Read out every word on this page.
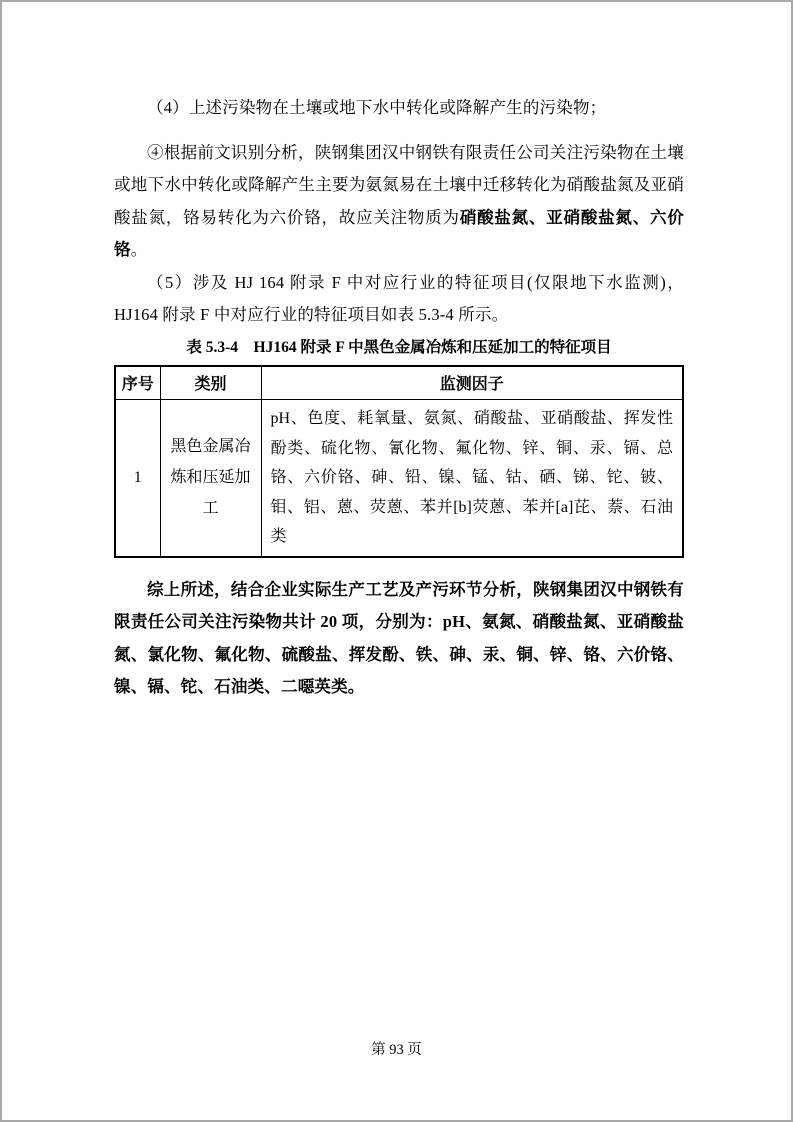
（4）上述污染物在土壤或地下水中转化或降解产生的污染物；

④根据前文识别分析，陕钢集团汉中钢铁有限责任公司关注污染物在土壤或地下水中转化或降解产生主要为氨氮易在土壤中迁移转化为硝酸盐氮及亚硝酸盐氮，铬易转化为六价铬，故应关注物质为硝酸盐氮、亚硝酸盐氮、六价铬。

（5）涉及 HJ 164 附录 F 中对应行业的特征项目(仅限地下水监测)，HJ164 附录 F 中对应行业的特征项目如表 5.3-4 所示。

表 5.3-4　HJ164 附录 F 中黑色金属冶炼和压延加工的特征项目
序号	类别	监测因子
1	黑色金属冶炼和压延加工	pH、色度、耗氧量、氨氮、硝酸盐、亚硝酸盐、挥发性酚类、硫化物、氰化物、氟化物、锌、铜、汞、镉、总铬、六价铬、砷、铅、镍、锰、钴、硒、锑、铊、铍、钼、铝、蒽、荧蒽、苯并[b]荧蒽、苯并[a]芘、萘、石油类

综上所述，结合企业实际生产工艺及产污环节分析，陕钢集团汉中钢铁有限责任公司关注污染物共计 20 项，分别为：pH、氨氮、硝酸盐氮、亚硝酸盐氮、氯化物、氟化物、硫酸盐、挥发酚、铁、砷、汞、铜、锌、铬、六价铬、镍、镉、铊、石油类、二噁英类。

第 93 页
